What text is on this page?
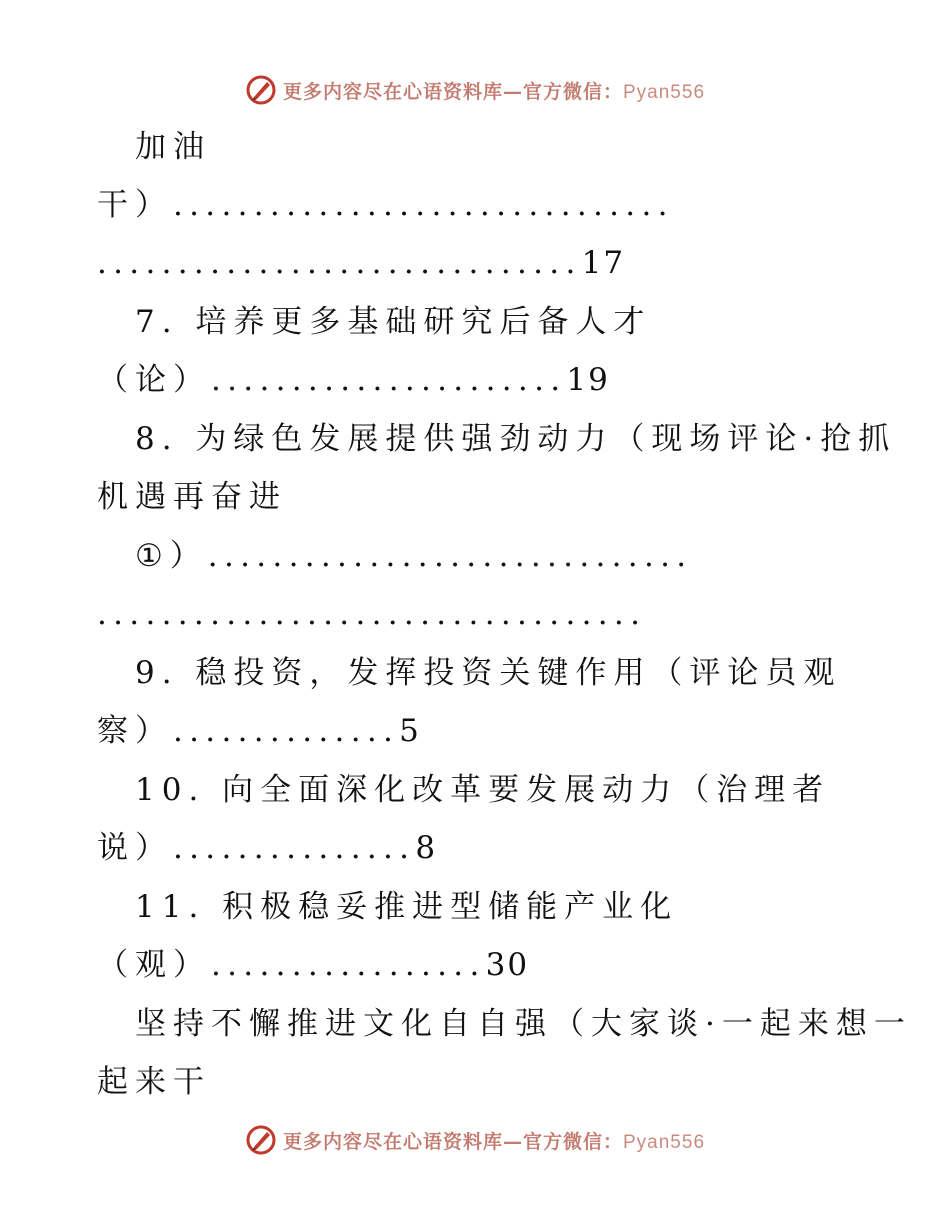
更多内容尽在心语资料库—官方微信：Pyan556
加油
干）...............................
..............................17
7. 培养更多基础研究后备人才
（论）......................19
8. 为绿色发展提供强劲动力（现场评论·抢抓
机遇再奋进
①）..............................
..................................
9. 稳投资，发挥投资关键作用（评论员观
察）..............5
10. 向全面深化改革要发展动力（治理者
说）...............8
11. 积极稳妥推进型储能产业化
（观）.................30
坚持不懈推进文化自自强（大家谈·一起来想一
起来干
更多内容尽在心语资料库—官方微信：Pyan556
